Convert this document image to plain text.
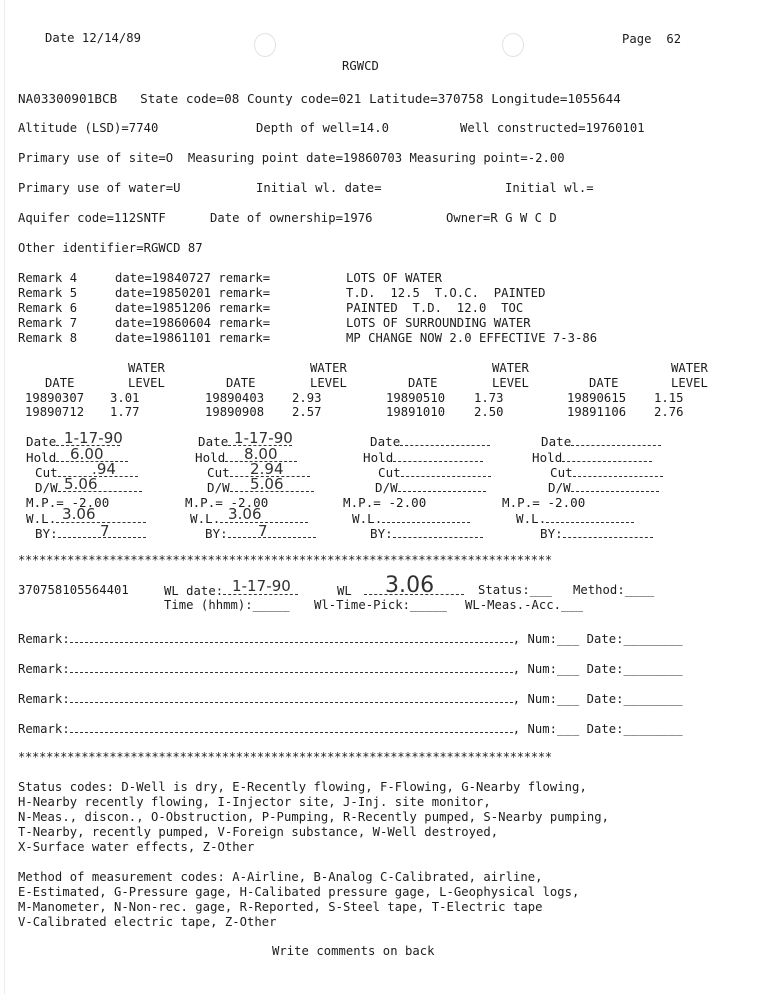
Date 12/14/89	Page  62
RGWCD
NA03300901BCB   State code=08 County code=021 Latitude=370758 Longitude=1055644
Altitude (LSD)=7740	Depth of well=14.0	Well constructed=19760101
Primary use of site=O  Measuring point date=19860703 Measuring point=-2.00
Primary use of water=U	Initial wl. date=	Initial wl.=
Aquifer code=112SNTF	Date of ownership=1976	Owner=R G W C D
Other identifier=RGWCD 87
Remark 4	date=19840727 remark=	LOTS OF WATER
Remark 5	date=19850201 remark=	T.D.  12.5  T.O.C.  PAINTED
Remark 6	date=19851206 remark=	PAINTED  T.D.  12.0  TOC
Remark 7	date=19860604 remark=	LOTS OF SURROUNDING WATER
Remark 8	date=19861101 remark=	MP CHANGE NOW 2.0 EFFECTIVE 7-3-86
WATER
DATE	LEVEL
WATER
DATE	LEVEL
WATER
DATE	LEVEL
WATER
DATE	LEVEL
19890307 3.01	19890403 2.93	19890510 1.73	19890615 1.15
19890712 1.77	19890908 2.57	19891010 2.50	19891106 2.76
Date 1-17-90
Hold 6.00
Cut	.94
D/W 5.06
M.P.= -2.00
W.L. 3.06
BY:	7
Date 1-17-90
Hold	8.00
Cut	2.94
D/W	5.06
M.P.= -2.00
W.L. 3.06
BY:	7
Date
Hold
Cut
D/W
M.P.= -2.00
W.L.
BY:
Date
Hold
Cut
D/W
M.P.= -2.00
W.L.
BY:
****************************************************************************
370758105564401	WL date: 1-17-90	WL	3.06	Status:___ Method:____
Time (hhmm):_____ Wl-Time-Pick:_____ WL-Meas.-Acc.___
Remark:	, Num:___ Date:________
Remark:	, Num:___ Date:________
Remark:	, Num:___ Date:________
Remark:	, Num:___ Date:________
****************************************************************************
Status codes: D-Well is dry, E-Recently flowing, F-Flowing, G-Nearby flowing,
H-Nearby recently flowing, I-Injector site, J-Inj. site monitor,
N-Meas., discon., O-Obstruction, P-Pumping, R-Recently pumped, S-Nearby pumping,
T-Nearby, recently pumped, V-Foreign substance, W-Well destroyed,
X-Surface water effects, Z-Other
Method of measurement codes: A-Airline, B-Analog C-Calibrated, airline,
E-Estimated, G-Pressure gage, H-Calibated pressure gage, L-Geophysical logs,
M-Manometer, N-Non-rec. gage, R-Reported, S-Steel tape, T-Electric tape
V-Calibrated electric tape, Z-Other
Write comments on back
